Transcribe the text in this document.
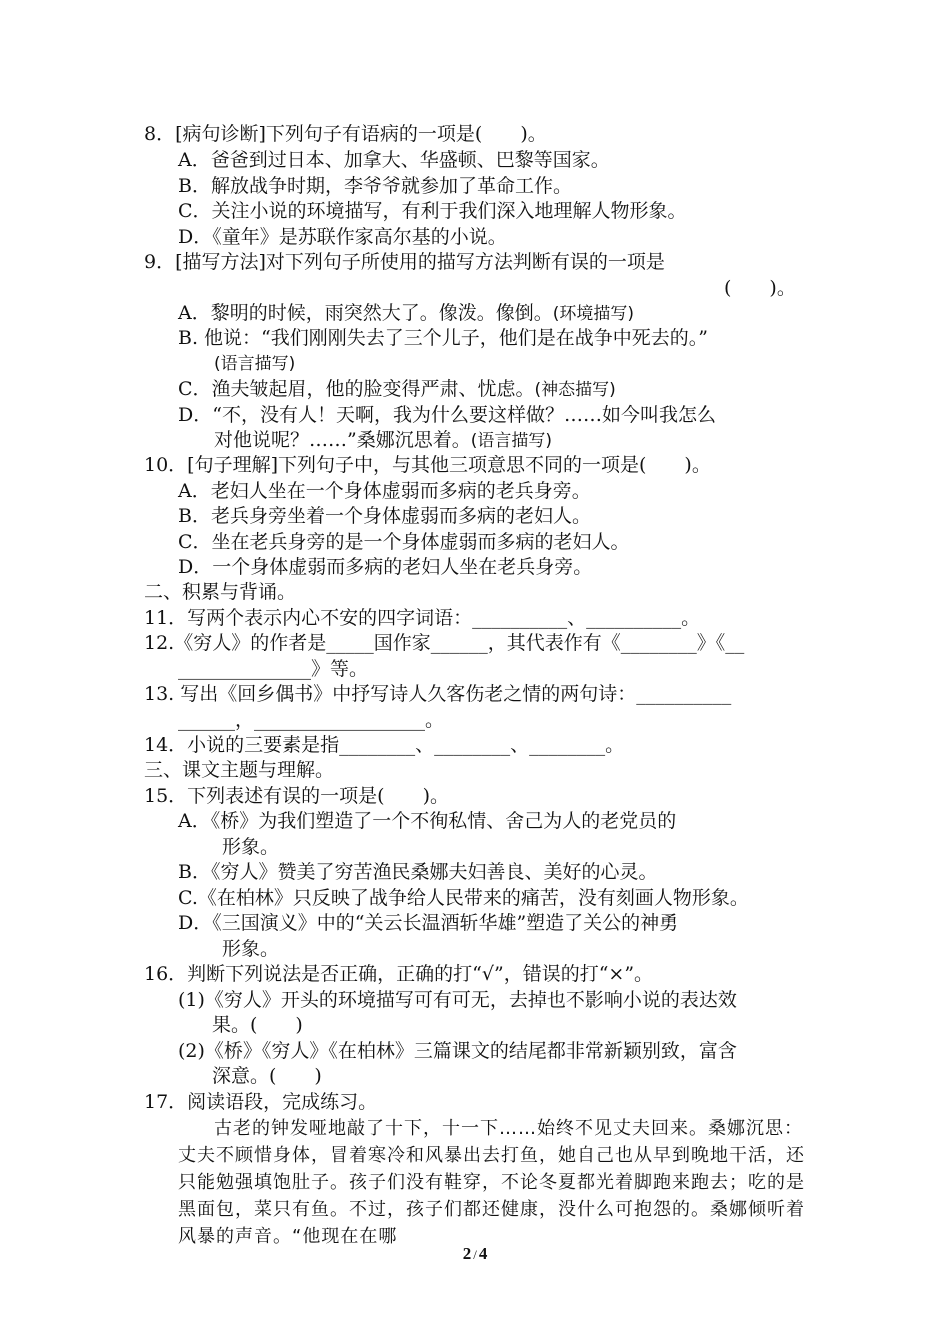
8．[病句诊断]下列句子有语病的一项是(　　)。
A．爸爸到过日本、加拿大、华盛顿、巴黎等国家。
B．解放战争时期，李爷爷就参加了革命工作。
C．关注小说的环境描写，有利于我们深入地理解人物形象。
D．《童年》是苏联作家高尔基的小说。
9．[描写方法]对下列句子所使用的描写方法判断有误的一项是
(　　)。
A．黎明的时候，雨突然大了。像泼。像倒。(环境描写)
B. 他说：“我们刚刚失去了三个儿子，他们是在战争中死去的。”
(语言描写)
C．渔夫皱起眉，他的脸变得严肃、忧虑。(神态描写)
D．“不，没有人！天啊，我为什么要这样做？……如今叫我怎么
对他说呢？……”桑娜沉思着。(语言描写)
10．[句子理解]下列句子中，与其他三项意思不同的一项是(　　)。
A．老妇人坐在一个身体虚弱而多病的老兵身旁。
B．老兵身旁坐着一个身体虚弱而多病的老妇人。
C．坐在老兵身旁的是一个身体虚弱而多病的老妇人。
D．一个身体虚弱而多病的老妇人坐在老兵身旁。
二、积累与背诵。
11．写两个表示内心不安的四字词语：__________、__________。
12.《穷人》的作者是_____国作家______，其代表作有《________》《__
______________》等。
13. 写出《回乡偶书》中抒写诗人久客伤老之情的两句诗：__________
______，__________________。
14．小说的三要素是指________、________、________。
三、课文主题与理解。
15．下列表述有误的一项是(　　)。
A．《桥》为我们塑造了一个不徇私情、舍己为人的老党员的
形象。
B．《穷人》赞美了穷苦渔民桑娜夫妇善良、美好的心灵。
C.《在柏林》只反映了战争给人民带来的痛苦，没有刻画人物形象。
D．《三国演义》中的“关云长温酒斩华雄”塑造了关公的神勇
形象。
16．判断下列说法是否正确，正确的打“√”，错误的打“×”。
(1)《穷人》开头的环境描写可有可无，去掉也不影响小说的表达效
果。(　　)
(2)《桥》《穷人》《在柏林》三篇课文的结尾都非常新颖别致，富含
深意。(　　)
17．阅读语段，完成练习。

古老的钟发哑地敲了十下，十一下……始终不见丈夫回来。桑娜沉思：丈夫不顾惜身体，冒着寒冷和风暴出去打鱼，她自己也从早到晚地干活，还只能勉强填饱肚子。孩子们没有鞋穿，不论冬夏都光着脚跑来跑去；吃的是黑面包，菜只有鱼。不过，孩子们都还健康，没什么可抱怨的。桑娜倾听着风暴的声音。“他现在在哪

2 / 4
